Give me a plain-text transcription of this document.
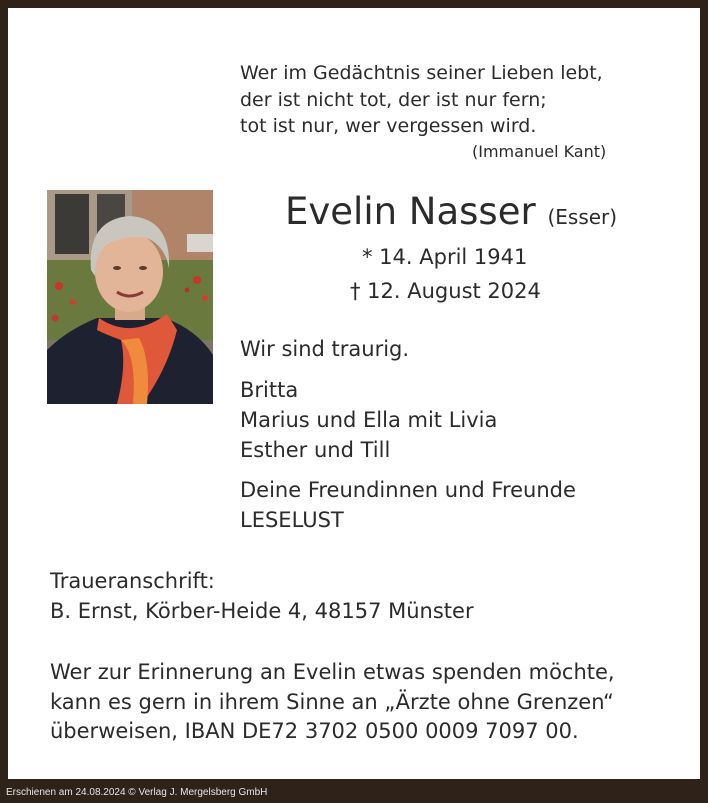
Wer im Gedächtnis seiner Lieben lebt,
der ist nicht tot, der ist nur fern;
tot ist nur, wer vergessen wird.
(Immanuel Kant)
Evelin Nasser (Esser)
* 14. April 1941
† 12. August 2024
Wir sind traurig.
Britta
Marius und Ella mit Livia
Esther und Till
Deine Freundinnen und Freunde
LESELUST
Traueranschrift:
B. Ernst, Körber-Heide 4, 48157 Münster
Wer zur Erinnerung an Evelin etwas spenden möchte,
kann es gern in ihrem Sinne an „Ärzte ohne Grenzen“
überweisen, IBAN DE72 3702 0500 0009 7097 00.
Erschienen am 24.08.2024 © Verlag J. Mergelsberg GmbH
